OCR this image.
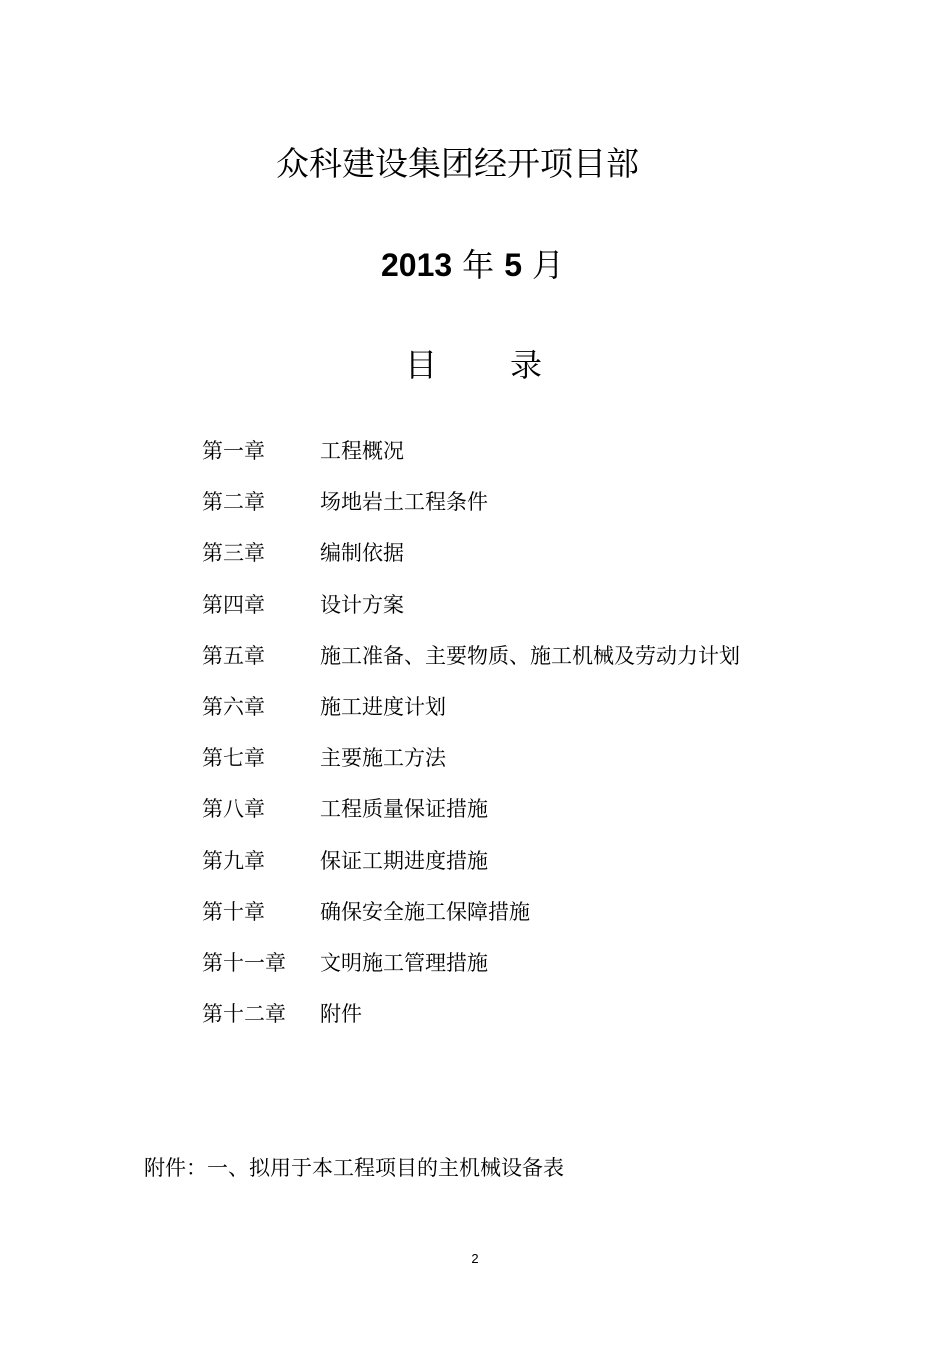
众科建设集团经开项目部
2013 年 5 月
目 录
第一章	工程概况
第二章	场地岩土工程条件
第三章	编制依据
第四章	设计方案
第五章	施工准备、主要物质、施工机械及劳动力计划
第六章	施工进度计划
第七章	主要施工方法
第八章	工程质量保证措施
第九章	保证工期进度措施
第十章	确保安全施工保障措施
第十一章	文明施工管理措施
第十二章	附件
附件：一、拟用于本工程项目的主机械设备表
2
